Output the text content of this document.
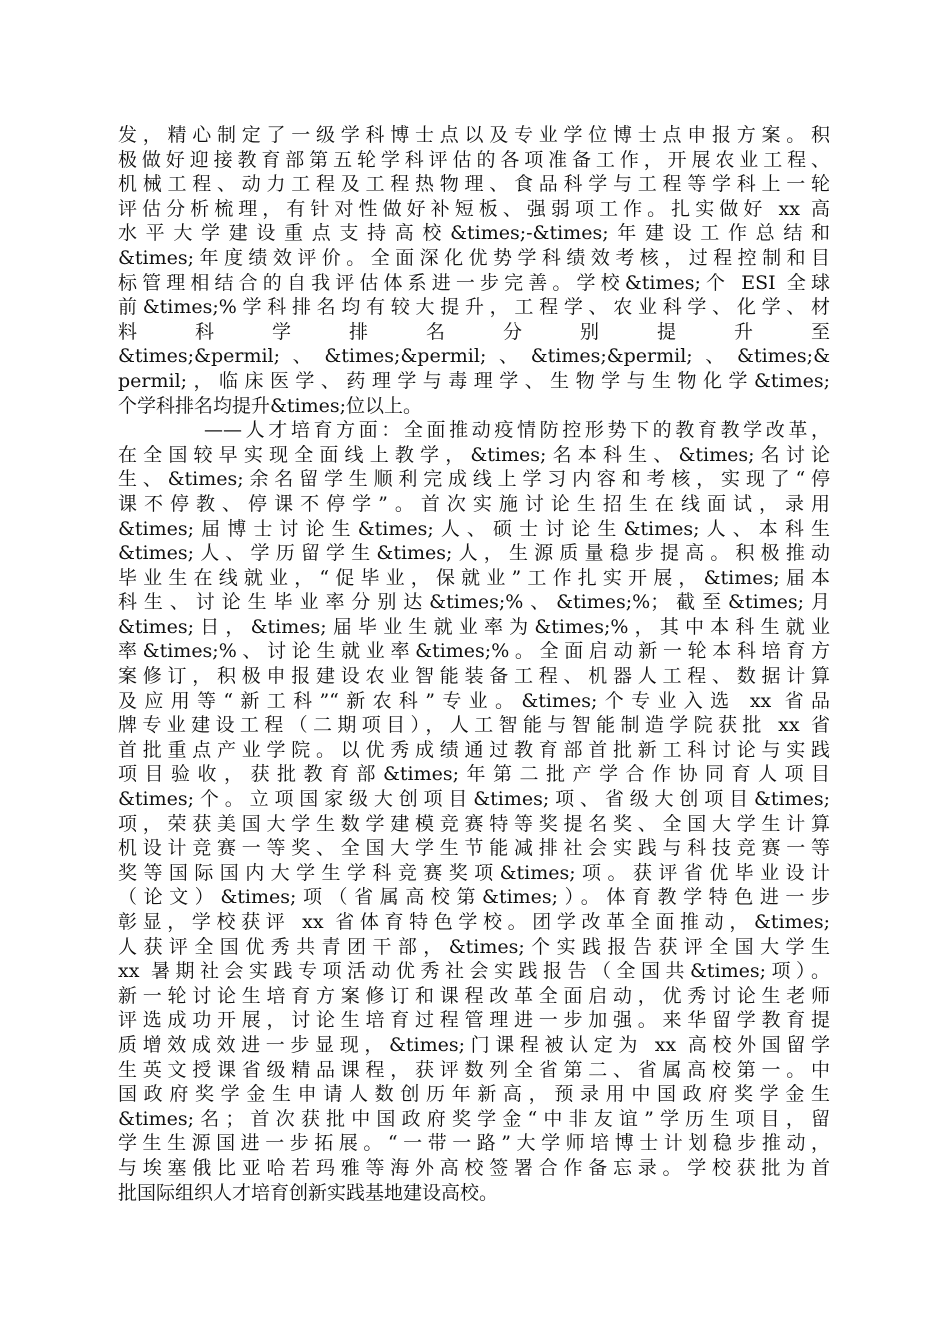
发，精心制定了一级学科博士点以及专业学位博士点申报方案。积
极做好迎接教育部第五轮学科评估的各项准备工作，开展农业工程、
机械工程、动力工程及工程热物理、食品科学与工程等学科上一轮
评估分析梳理，有针对性做好补短板、强弱项工作。扎实做好 xx 高
水平大学建设重点支持高校&times;-&times;年建设工作总结和
&times;年度绩效评价。全面深化优势学科绩效考核，过程控制和目
标管理相结合的自我评估体系进一步完善。学校&times;个 ESI 全球
前&times;%学科排名均有较大提升，工程学、农业科学、化学、材
料　　科　　学　　排　　名　　分　　别　　提　　升　　至
&times;&permil;、&times;&permil;、&times;&permil;、&times;&
permil;，临床医学、药理学与毒理学、生物学与生物化学&times;
个学科排名均提升&times;位以上。
——人才培育方面：全面推动疫情防控形势下的教育教学改革，
在全国较早实现全面线上教学，&times;名本科生、&times;名讨论
生、&times;余名留学生顺利完成线上学习内容和考核，实现了“停
课不停教、停课不停学”。首次实施讨论生招生在线面试，录用
&times;届博士讨论生&times;人、硕士讨论生&times;人、本科生
&times;人、学历留学生&times;人，生源质量稳步提高。积极推动
毕业生在线就业，“促毕业，保就业”工作扎实开展，&times;届本
科生、讨论生毕业率分别达&times;%、&times;%；截至&times;月
&times;日，&times;届毕业生就业率为&times;%，其中本科生就业
率&times;%、讨论生就业率&times;%。全面启动新一轮本科培育方
案修订，积极申报建设农业智能装备工程、机器人工程、数据计算
及应用等“新工科”“新农科”专业。&times;个专业入选 xx 省品
牌专业建设工程（二期项目），人工智能与智能制造学院获批 xx 省
首批重点产业学院。以优秀成绩通过教育部首批新工科讨论与实践
项目验收，获批教育部&times;年第二批产学合作协同育人项目
&times;个。立项国家级大创项目&times;项、省级大创项目&times;
项，荣获美国大学生数学建模竞赛特等奖提名奖、全国大学生计算
机设计竞赛一等奖、全国大学生节能减排社会实践与科技竞赛一等
奖等国际国内大学生学科竞赛奖项&times;项。获评省优毕业设计
（论文）&times;项（省属高校第&times;）。体育教学特色进一步
彰显，学校获评 xx 省体育特色学校。团学改革全面推动，&times;
人获评全国优秀共青团干部，&times;个实践报告获评全国大学生
xx 暑期社会实践专项活动优秀社会实践报告（全国共&times;项）。
新一轮讨论生培育方案修订和课程改革全面启动，优秀讨论生老师
评选成功开展，讨论生培育过程管理进一步加强。来华留学教育提
质增效成效进一步显现，&times;门课程被认定为 xx 高校外国留学
生英文授课省级精品课程，获评数列全省第二、省属高校第一。中
国政府奖学金生申请人数创历年新高，预录用中国政府奖学金生
&times;名；首次获批中国政府奖学金“中非友谊”学历生项目，留
学生生源国进一步拓展。“一带一路”大学师培博士计划稳步推动，
与埃塞俄比亚哈若玛雅等海外高校签署合作备忘录。学校获批为首
批国际组织人才培育创新实践基地建设高校。
